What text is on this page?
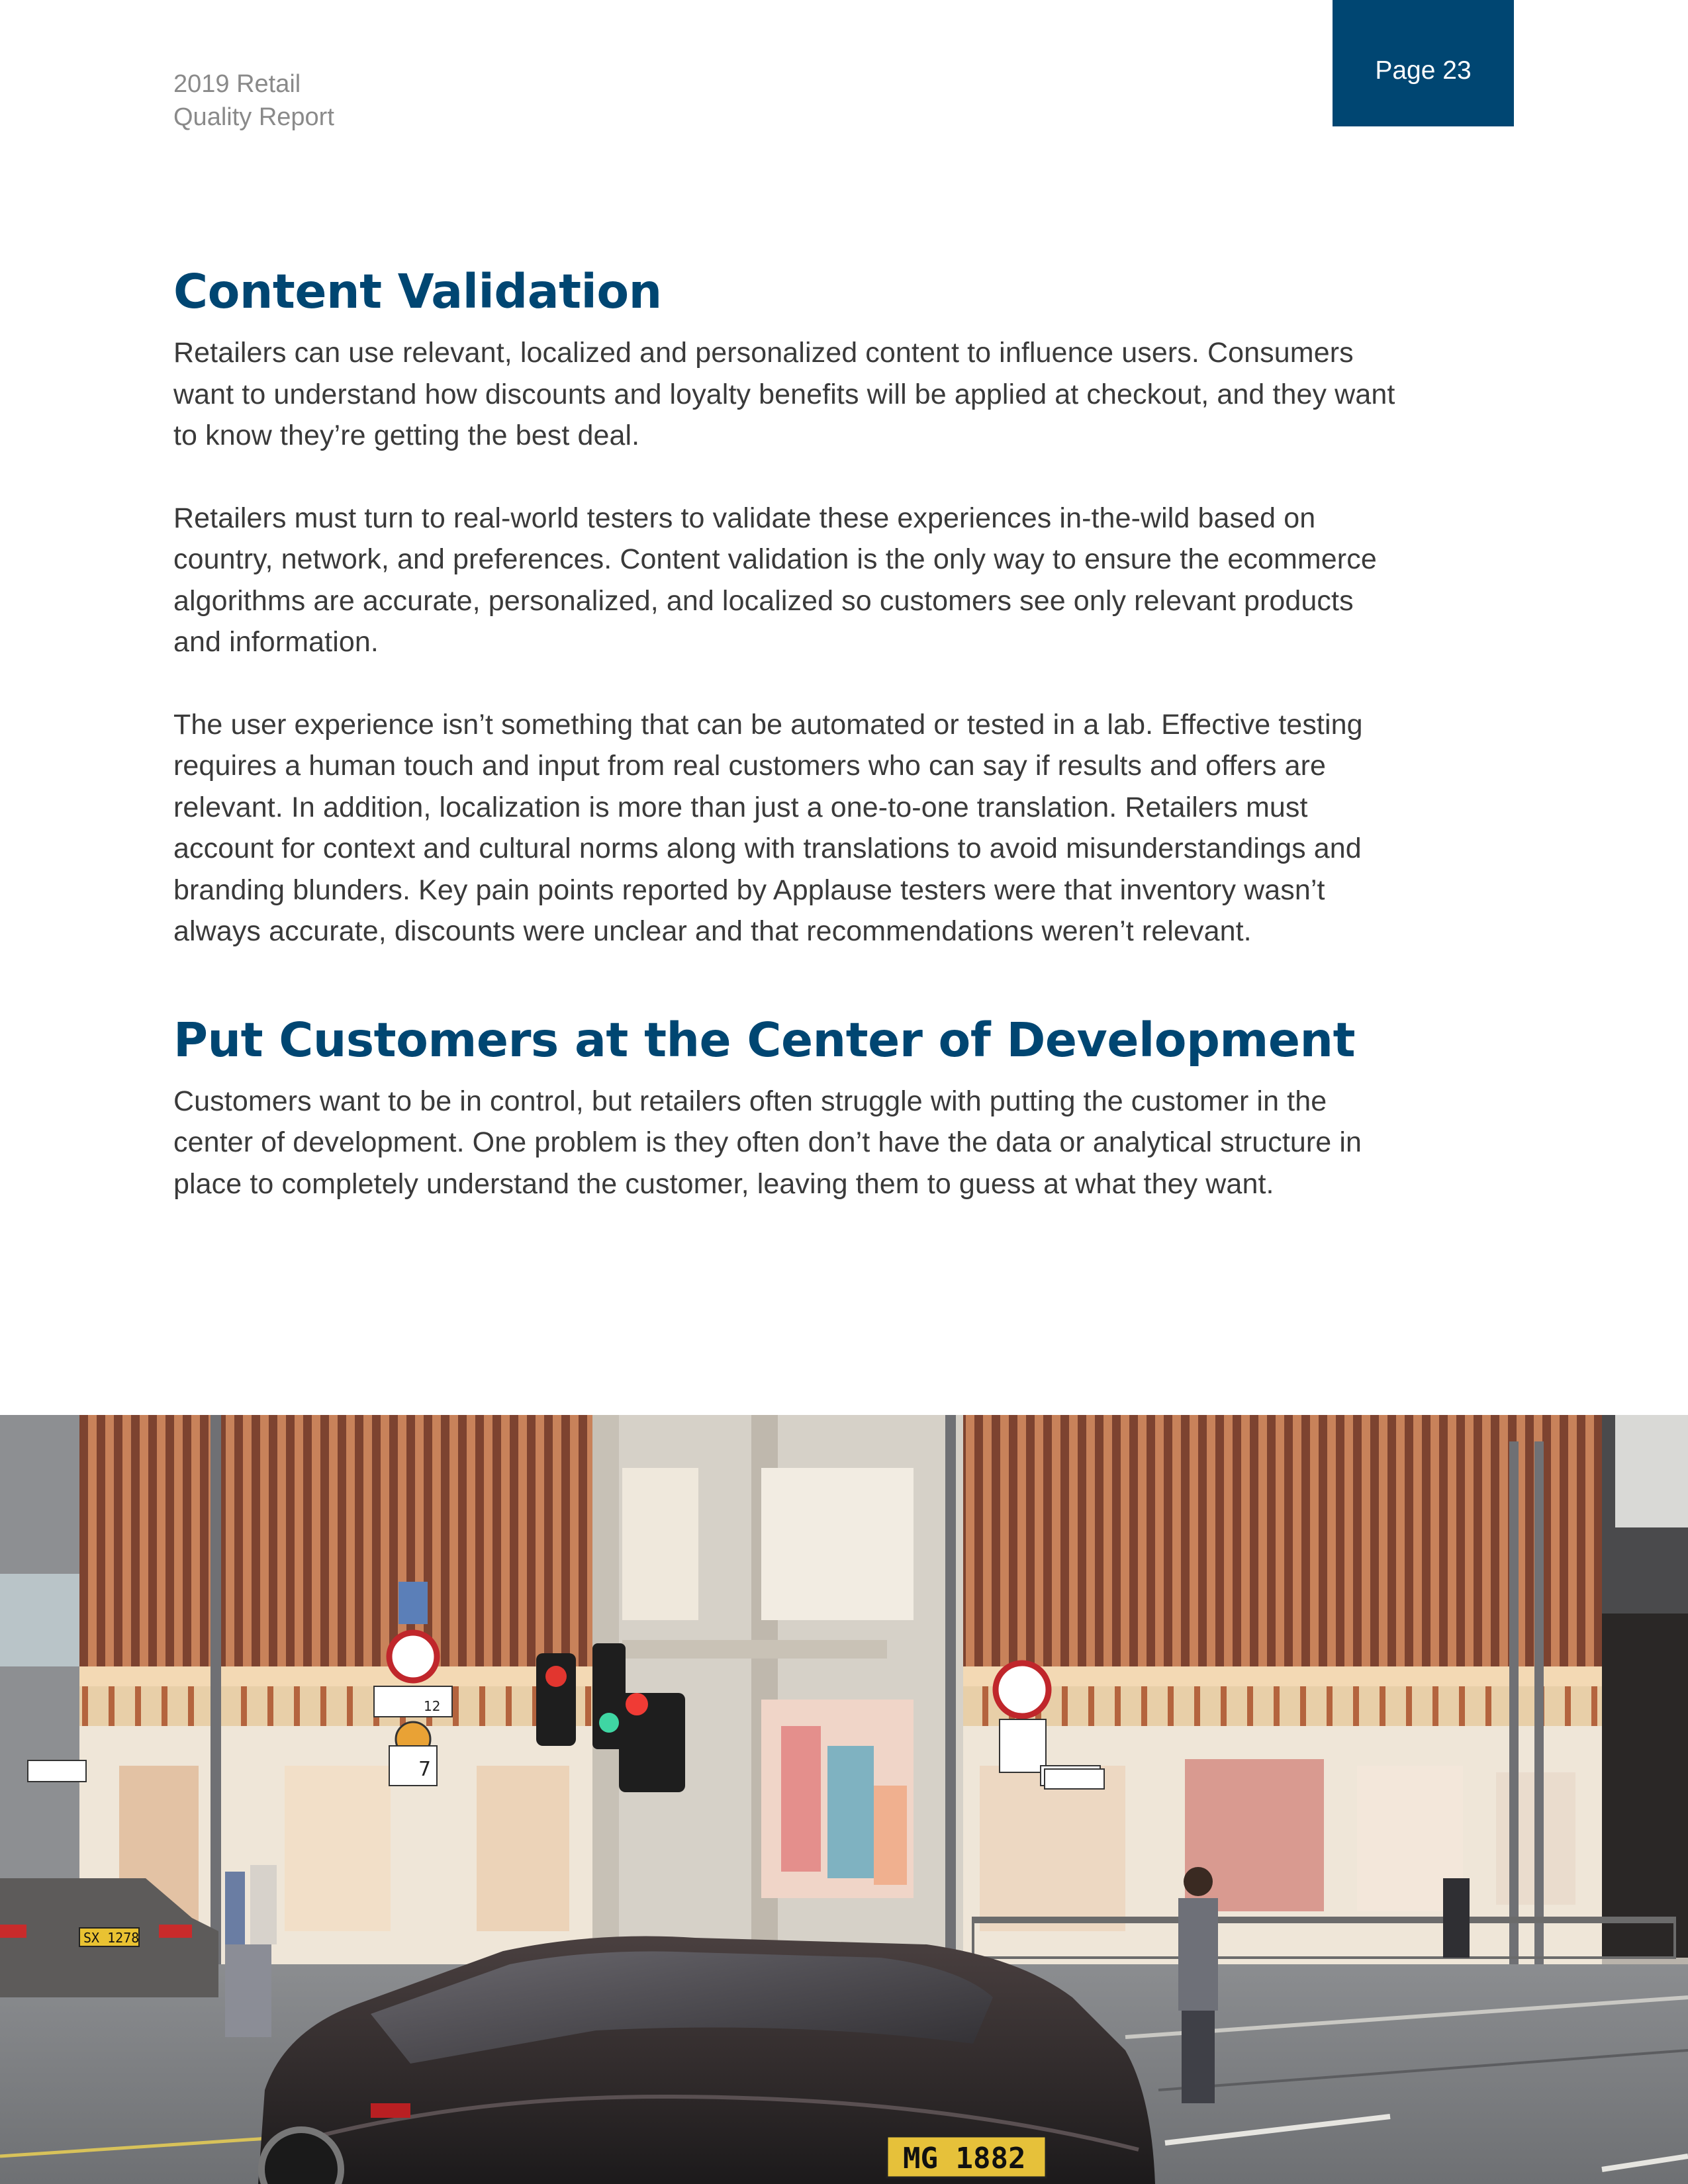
2019 Retail
Quality Report
Page 23
Content Validation

Retailers can use relevant, localized and personalized content to influence users. Consumers want to understand how discounts and loyalty benefits will be applied at checkout, and they want to know they’re getting the best deal.

Retailers must turn to real-world testers to validate these experiences in-the-wild based on country, network, and preferences. Content validation is the only way to ensure the ecommerce algorithms are accurate, personalized, and localized so customers see only relevant products and information.

The user experience isn’t something that can be automated or tested in a lab. Effective testing requires a human touch and input from real customers who can say if results and offers are relevant. In addition, localization is more than just a one-to-one translation. Retailers must account for context and cultural norms along with translations to avoid misunderstandings and branding blunders. Key pain points reported by Applause testers were that inventory wasn’t always accurate, discounts were unclear and that recommendations weren’t relevant.

Put Customers at the Center of Development

Customers want to be in control, but retailers often struggle with putting the customer in the center of development. One problem is they often don’t have the data or analytical structure in place to completely understand the customer, leaving them to guess at what they want.

12
7
SX 1278
MG 1882
